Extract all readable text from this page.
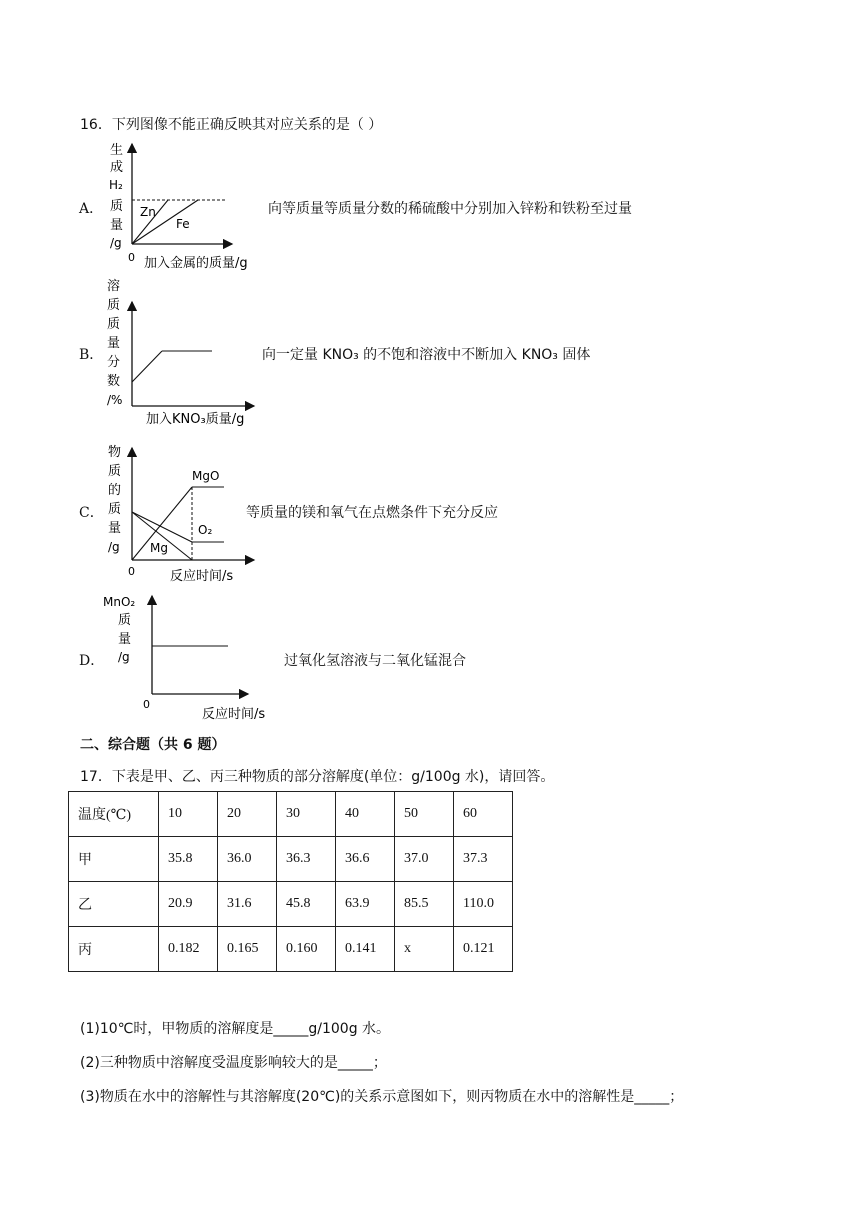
16．下列图像不能正确反映其对应关系的是（ ）
A．
生
成
H₂
质
量
/g
Zn
Fe
0 加入金属的质量/g
向等质量等质量分数的稀硫酸中分别加入锌粉和铁粉至过量
B．
溶
质
质
量
分
数
/%
加入KNO₃质量/g
向一定量 KNO₃ 的不饱和溶液中不断加入 KNO₃ 固体
C．
物
质
的
质
量
/g
MgO
O₂
Mg
0	反应时间/s
等质量的镁和氧气在点燃条件下充分反应
D．
MnO₂
质
量
/g
0
反应时间/s
过氧化氢溶液与二氧化锰混合
二、综合题（共 6 题）
17．下表是甲、乙、丙三种物质的部分溶解度(单位：g/100g 水)，请回答。
温度(℃)	10	20	30	40	50	60
甲	35.8	36.0	36.3	36.6	37.0	37.3
乙	20.9	31.6	45.8	63.9	85.5	110.0
丙	0.182	0.165	0.160	0.141	x	0.121
(1)10℃时，甲物质的溶解度是_____g/100g 水。
(2)三种物质中溶解度受温度影响较大的是_____；
(3)物质在水中的溶解性与其溶解度(20℃)的关系示意图如下，则丙物质在水中的溶解性是_____；
